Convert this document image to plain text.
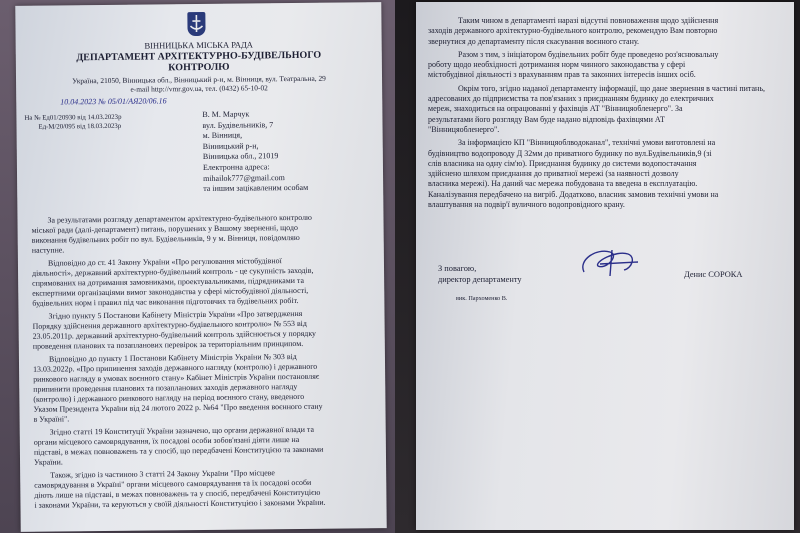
ВІННИЦЬКА МІСЬКА РАДА
ДЕПАРТАМЕНТ АРХІТЕКТУРНО-БУДІВЕЛЬНОГО
КОНТРОЛЮ
Україна, 21050, Вінницька обл., Вінницький р-н, м. Вінниця, вул. Театральна, 29
e-mail http://vmr.gov.ua, тел. (0432) 65-10-02
10.04.2023 № 05/01/АЯ20/06.16
На № Ед01/20930 від 14.03.2023р
Ед-М/20/095 від 18.03.2023р
В. М. Марчук
вул. Будівельників, 7
м. Вінниця,
Вінницький р-н,
Вінницька обл., 21019
Електронна адреса:
mihailok777@gmail.com
та іншим зацікавленим особам
За результатами розгляду департаментом архітектурно-будівельного контролю
міської ради (далі-департамент) питань, порушених у Вашому зверненні, щодо
виконання будівельних робіт по вул. Будівельників, 9 у м. Вінниця, повідомляю
наступне.
Відповідно до ст. 41 Закону України «Про регулювання містобудівної
діяльності», державний архітектурно-будівельний контроль - це сукупність заходів,
спрямованих на дотримання замовниками, проектувальниками, підрядниками та
експертними організаціями вимог законодавства у сфері містобудівної діяльності,
будівельних норм і правил під час виконання підготовчих та будівельних робіт.
Згідно пункту 5 Постанови Кабінету Міністрів України «Про затвердження
Порядку здійснення державного архітектурно-будівельного контролю» № 553 від
23.05.2011р. державний архітектурно-будівельний контроль здійснюється у порядку
проведення планових та позапланових перевірок за територіальним принципом.
Відповідно до пункту 1 Постанови Кабінету Міністрів України № 303 від
13.03.2022р. «Про припинення заходів державного нагляду (контролю) і державного
ринкового нагляду в умовах воєнного стану» Кабінет Міністрів України постановляє
припинити проведення планових та позапланових заходів державного нагляду
(контролю) і державного ринкового нагляду на період воєнного стану, введеного
Указом Президента України від 24 лютого 2022 р. №64 "Про введення воєнного стану
в Україні".
Згідно статті 19 Конституції України зазначено, що органи державної влади та
органи місцевого самоврядування, їх посадові особи зобов'язані діяти лише на
підставі, в межах повноважень та у спосіб, що передбачені Конституцією та законами
України.
Також, згідно із частиною 3 статті 24 Закону України "Про місцеве
самоврядування в Україні" органи місцевого самоврядування та їх посадові особи
діють лише на підставі, в межах повноважень та у спосіб, передбачені Конституцією
і законами України, та керуються у своїй діяльності Конституцією і законами України.
Таким чином в департаменті наразі відсутні повноваження щодо здійснення
заходів державного архітектурно-будівельного контролю, рекомендую Вам повторно
звернутися до департаменту після скасування воєнного стану.
Разом з тим, з ініціатором будівельних робіт буде проведено роз'яснювальну
роботу щодо необхідності дотримання норм чинного законодавства у сфері
містобудівної діяльності з врахуванням прав та законних інтересів інших осіб.
Окрім того, згідно наданої департаменту інформації, що дане звернення в частині питань,
адресованих до підприємства та пов'язаних з приєднанням будинку до електричних
мереж, знаходиться на опрацюванні у фахівців АТ "Вінницяобленерго". За
результатами його розгляду Вам буде надано відповідь фахівцями АТ
"Вінницяобленерго".
За інформацією КП "Вінницяоблводоканал", технічні умови виготовлені на
будівництво водопроводу Д 32мм до приватного будинку по вул.Будівельників,9 (зі
слів власника на одну сім'ю). Приєднання будинку до системи водопостачання
здійснено шляхом приєднання до приватної мережі (за наявності дозволу
власника мережі). На даний час мережа побудована та введена в експлуатацію.
Каналізування передбачено на вигріб. Додатково, власник замовив технічні умови на
влаштування на подвір'ї вуличного водопровідного крану.
З повагою,
директор департаменту
Денис СОРОКА
вик. Пархоменко В.
